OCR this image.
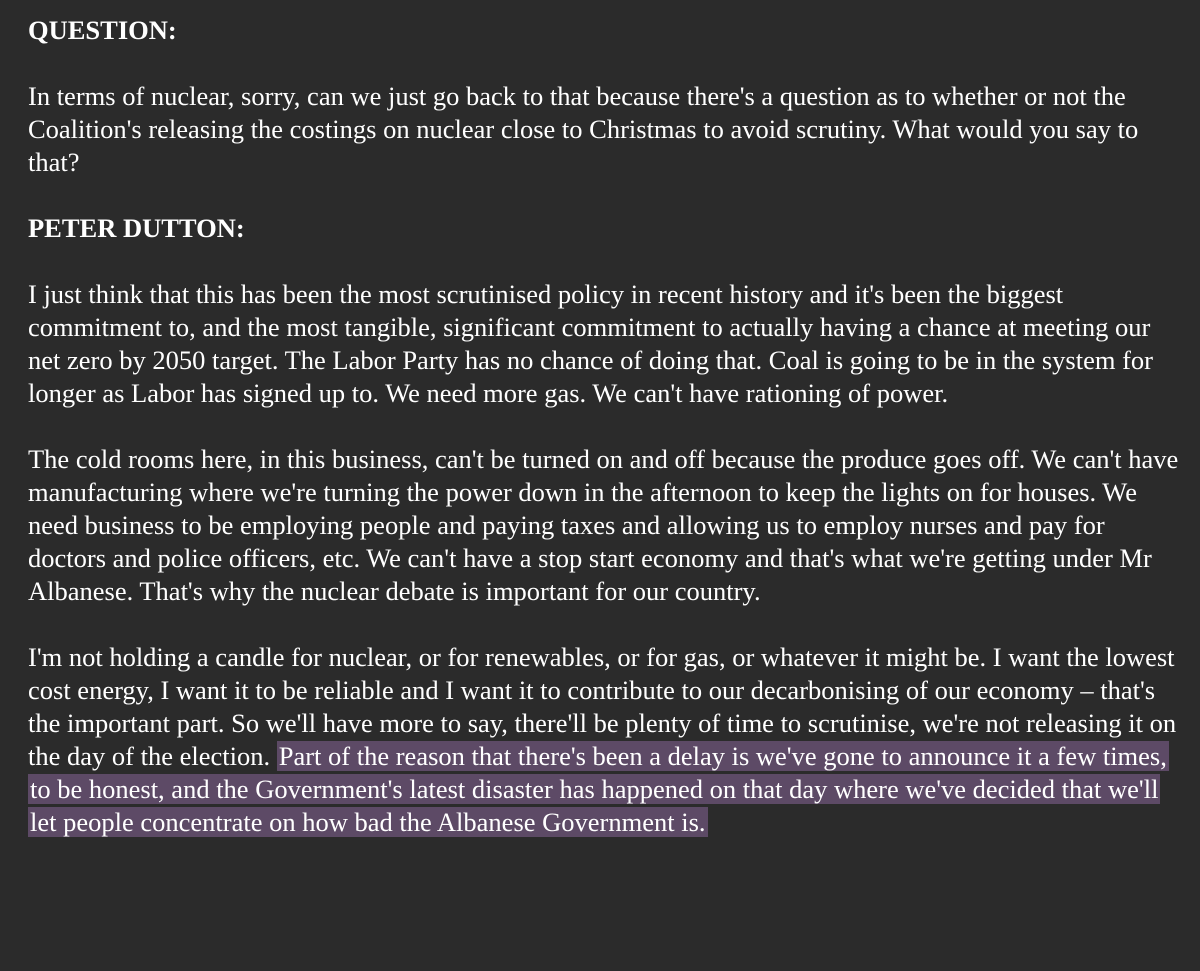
QUESTION:

In terms of nuclear, sorry, can we just go back to that because there's a question as to whether or not the Coalition's releasing the costings on nuclear close to Christmas to avoid scrutiny. What would you say to that?

PETER DUTTON:

I just think that this has been the most scrutinised policy in recent history and it's been the biggest commitment to, and the most tangible, significant commitment to actually having a chance at meeting our net zero by 2050 target. The Labor Party has no chance of doing that. Coal is going to be in the system for longer as Labor has signed up to. We need more gas. We can't have rationing of power.

The cold rooms here, in this business, can't be turned on and off because the produce goes off. We can't have manufacturing where we're turning the power down in the afternoon to keep the lights on for houses. We need business to be employing people and paying taxes and allowing us to employ nurses and pay for doctors and police officers, etc. We can't have a stop start economy and that's what we're getting under Mr Albanese. That's why the nuclear debate is important for our country.

I'm not holding a candle for nuclear, or for renewables, or for gas, or whatever it might be. I want the lowest cost energy, I want it to be reliable and I want it to contribute to our decarbonising of our economy – that's the important part. So we'll have more to say, there'll be plenty of time to scrutinise, we're not releasing it on the day of the election. Part of the reason that there's been a delay is we've gone to announce it a few times, to be honest, and the Government's latest disaster has happened on that day where we've decided that we'll let people concentrate on how bad the Albanese Government is.
